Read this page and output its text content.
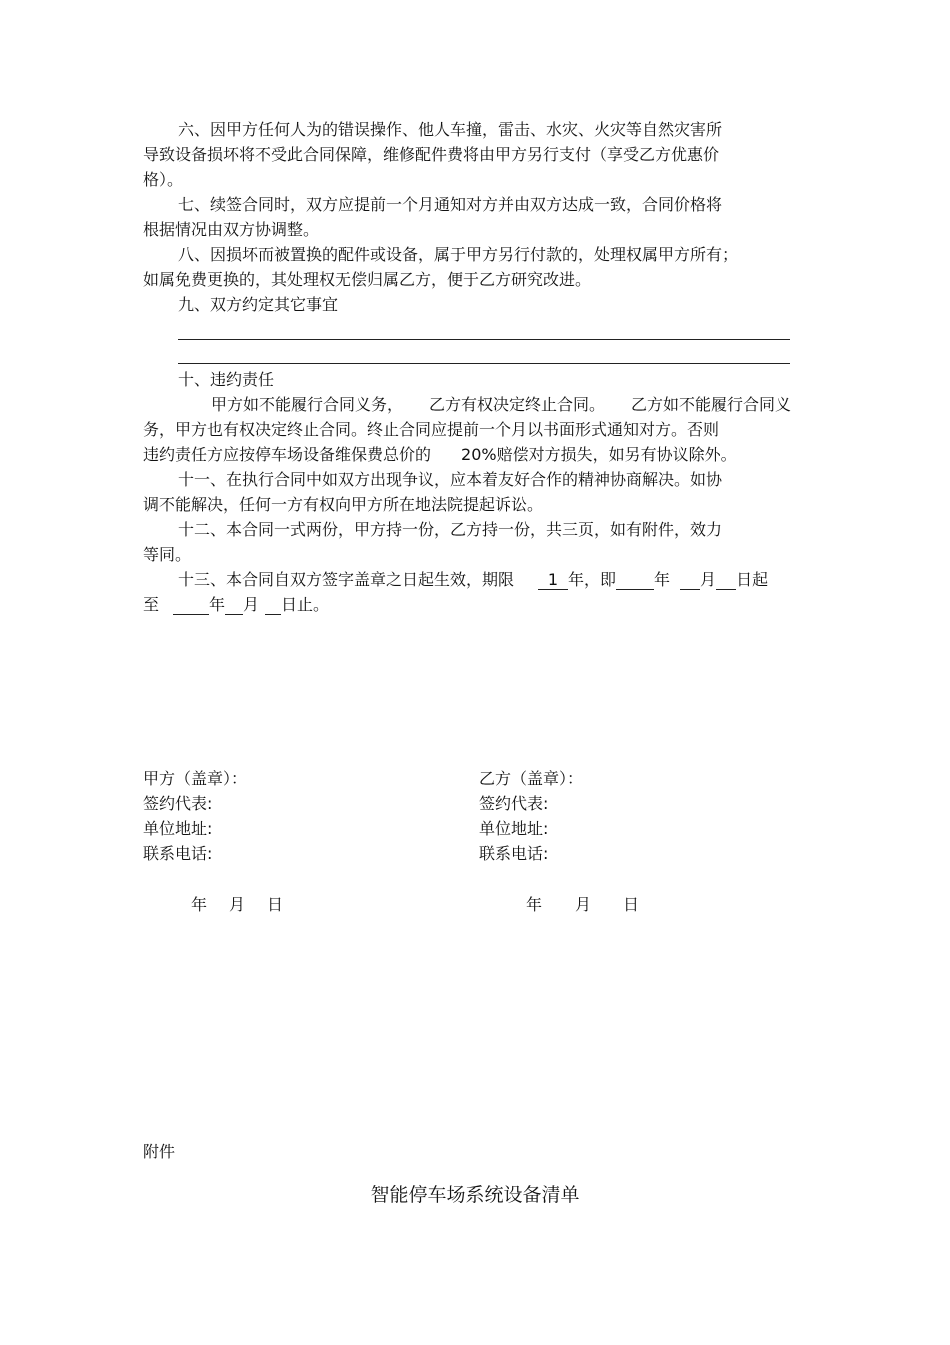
六、因甲方任何人为的错误操作、他人车撞，雷击、水灾、火灾等自然灾害所
导致设备损坏将不受此合同保障，维修配件费将由甲方另行支付（享受乙方优惠价
格）。
七、续签合同时，双方应提前一个月通知对方并由双方达成一致，合同价格将
根据情况由双方协调整。
八、因损坏而被置换的配件或设备，属于甲方另行付款的，处理权属甲方所有；
如属免费更换的，其处理权无偿归属乙方，便于乙方研究改进。
九、双方约定其它事宜
十、违约责任
甲方如不能履行合同义务， 乙方有权决定终止合同。 乙方如不能履行合同义
务，甲方也有权决定终止合同。终止合同应提前一个月以书面形式通知对方。否则
违约责任方应按停车场设备维保费总价的 20%赔偿对方损失，如另有协议除外。
十一、在执行合同中如双方出现争议，应本着友好合作的精神协商解决。如协
调不能解决，任何一方有权向甲方所在地法院提起诉讼。
十二、本合同一式两份，甲方持一份，乙方持一份，共三页，如有附件，效力
等同。
十三、本合同自双方签字盖章之日起生效，期限 1 年，即 年 月 日起
至	年 月 日止。
甲方（盖章）：
签约代表:
单位地址:
联系电话:
乙方（盖章）：
签约代表:
单位地址:
联系电话:
年 月 日	年 月 日
附件
智能停车场系统设备清单
